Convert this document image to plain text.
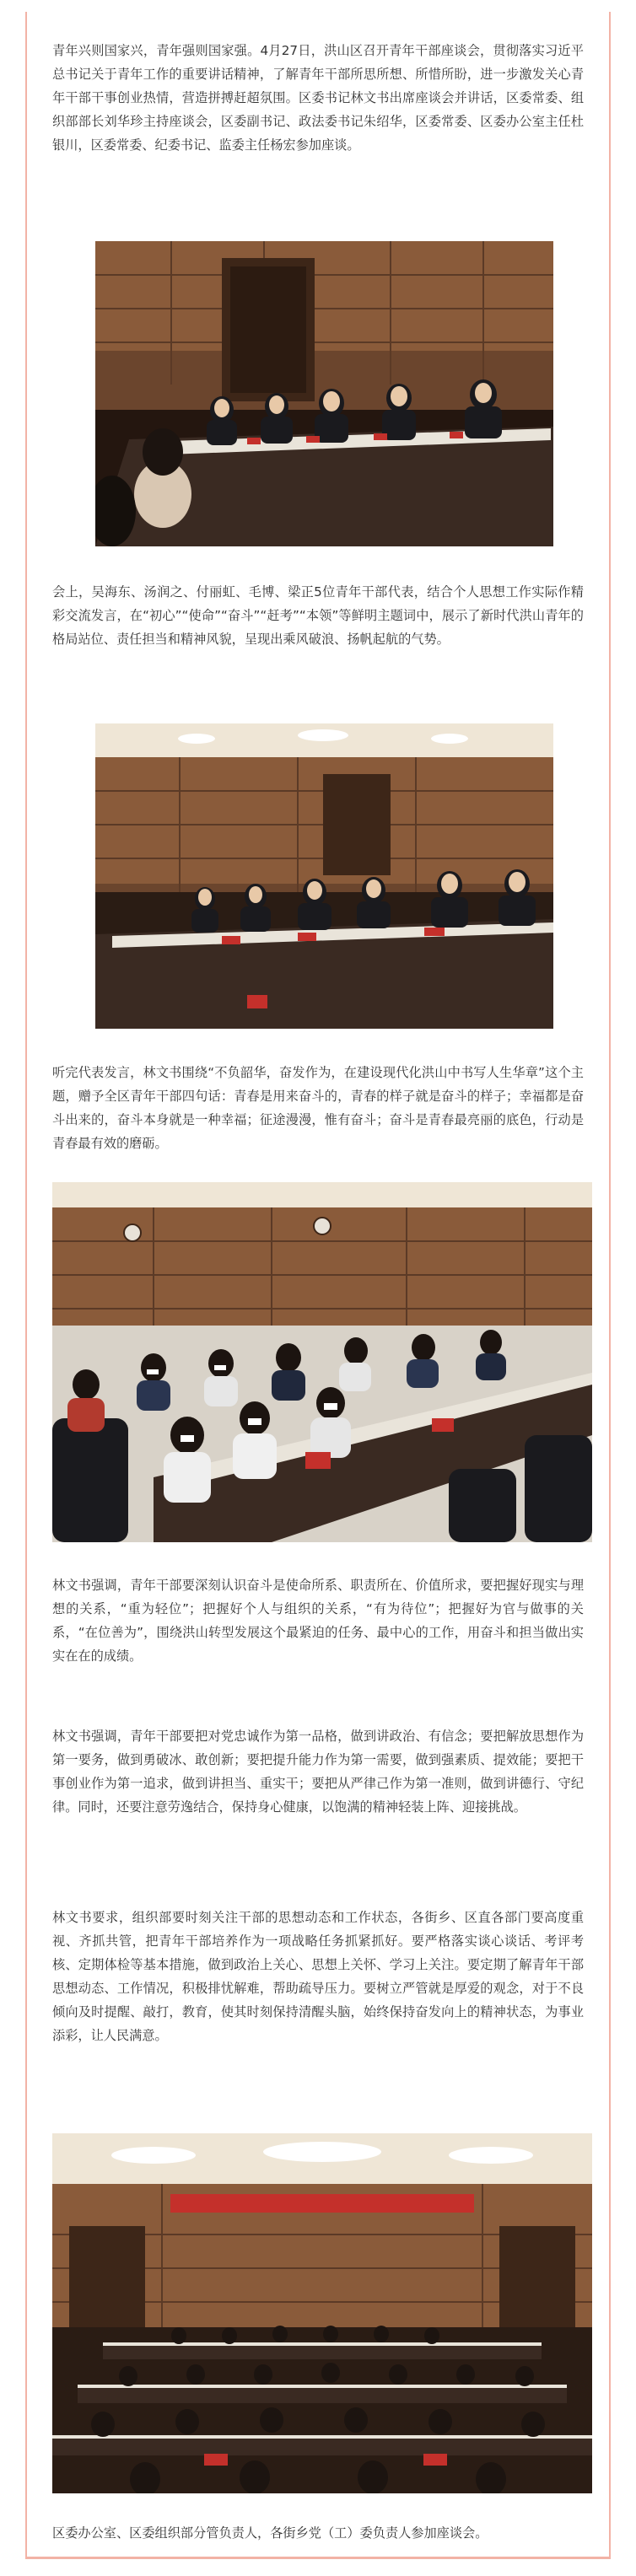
青年兴则国家兴，青年强则国家强。4月27日，洪山区召开青年干部座谈会，贯彻落实习近平总书记关于青年工作的重要讲话精神，了解青年干部所思所想、所惜所盼，进一步激发关心青年干部干事创业热情，营造拼搏赶超氛围。区委书记林文书出席座谈会并讲话，区委常委、组织部部长刘华珍主持座谈会，区委副书记、政法委书记朱绍华，区委常委、区委办公室主任杜银川，区委常委、纪委书记、监委主任杨宏参加座谈。

会上，吴海东、汤润之、付丽虹、毛博、梁正5位青年干部代表，结合个人思想工作实际作精彩交流发言，在“初心”“使命”“奋斗”“赶考”“本领”等鲜明主题词中，展示了新时代洪山青年的格局站位、责任担当和精神风貌，呈现出乘风破浪、扬帆起航的气势。

听完代表发言，林文书围绕“不负韶华，奋发作为，在建设现代化洪山中书写人生华章”这个主题，赠予全区青年干部四句话：青春是用来奋斗的，青春的样子就是奋斗的样子；幸福都是奋斗出来的，奋斗本身就是一种幸福；征途漫漫，惟有奋斗；奋斗是青春最亮丽的底色，行动是青春最有效的磨砺。

林文书强调，青年干部要深刻认识奋斗是使命所系、职责所在、价值所求，要把握好现实与理想的关系，“重为轻位”；把握好个人与组织的关系，“有为待位”；把握好为官与做事的关系，“在位善为”，围绕洪山转型发展这个最紧迫的任务、最中心的工作，用奋斗和担当做出实实在在的成绩。

林文书强调，青年干部要把对党忠诚作为第一品格，做到讲政治、有信念；要把解放思想作为第一要务，做到勇破冰、敢创新；要把提升能力作为第一需要，做到强素质、提效能；要把干事创业作为第一追求，做到讲担当、重实干；要把从严律己作为第一准则，做到讲德行、守纪律。同时，还要注意劳逸结合，保持身心健康，以饱满的精神轻装上阵、迎接挑战。

林文书要求，组织部要时刻关注干部的思想动态和工作状态，各街乡、区直各部门要高度重视、齐抓共管，把青年干部培养作为一项战略任务抓紧抓好。要严格落实谈心谈话、考评考核、定期体检等基本措施，做到政治上关心、思想上关怀、学习上关注。要定期了解青年干部思想动态、工作情况，积极排忧解难，帮助疏导压力。要树立严管就是厚爱的观念，对于不良倾向及时提醒、敲打，教育，使其时刻保持清醒头脑，始终保持奋发向上的精神状态，为事业添彩，让人民满意。

区委办公室、区委组织部分管负责人，各街乡党（工）委负责人参加座谈会。
